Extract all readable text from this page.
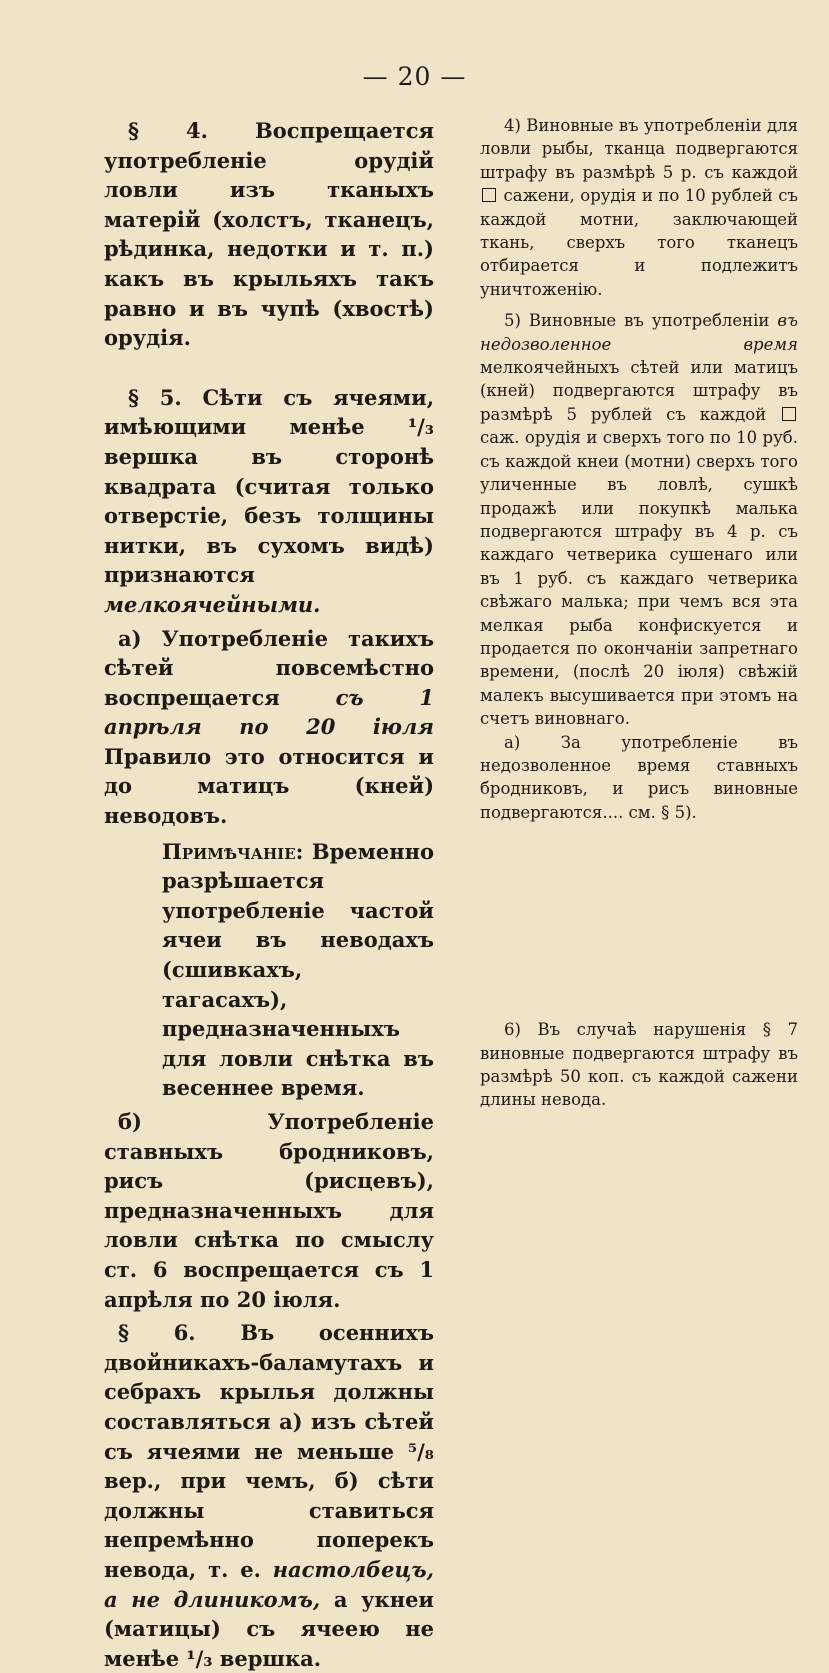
— 20 —

§ 4. Воспрещается употребленіе орудій ловли изъ тканыхъ матерій (холстъ, тканецъ, рѣдинка, недотки и т. п.) какъ въ крыльяхъ такъ равно и въ чупѣ (хвостѣ) орудія.

§ 5. Сѣти съ ячеями, имѣющими менѣе ¹/₃ вершка въ сторонѣ квадрата (считая только отверстіе, безъ толщины нитки, въ сухомъ видѣ) признаются мелкоячейными.

а) Употребленіе такихъ сѣтей повсемѣстно воспрещается	съ 1 апрѣля по 20 іюля Правило это относится и до матицъ (кней) неводовъ.

Примѣчаніе: Временно разрѣшается употребленіе частой ячеи въ неводахъ (сшивкахъ, тагасахъ), предназначенныхъ для ловли снѣтка въ весеннее время.

б) Употребленіе ставныхъ бродниковъ, рисъ (рисцевъ), предназначенныхъ для ловли снѣтка по смыслу ст. 6 воспрещается съ 1 апрѣля по 20 іюля.

§ 6. Въ осеннихъ двойникахъ-баламутахъ и себрахъ крылья должны составляться а) изъ сѣтей съ ячеями не меньше ⁵/₈ вер., при чемъ, б) сѣти должны ставиться непремѣнно поперекъ невода, т. е. настолбецъ, а не длиникомъ, а укнеи (матицы) съ ячеею не менѣе ¹/₃ вершка.

4) Виновные въ употребленіи для ловли рыбы, тканца подвергаются штрафу въ размѣрѣ 5 р. съ каждой  сажени, орудія и по 10 рублей съ каждой мотни, заключающей ткань, сверхъ того тканецъ отбирается и подлежитъ уничтоженію.

5) Виновные въ употребленіи въ недозволенное время мелкоячейныхъ сѣтей или матицъ (кней) подвергаются штрафу въ размѣрѣ 5 рублей съ каждой  саж. орудія и сверхъ того по 10 руб. съ каждой кнеи (мотни) сверхъ того уличенные въ ловлѣ, сушкѣ продажѣ или покупкѣ малька подвергаются штрафу въ 4 р. съ каждаго четверика сушенаго или въ 1 руб. съ каждаго четверика свѣжаго малька; при чемъ вся эта мелкая рыба конфискуется и продается по окончаніи запретнаго времени, (послѣ 20 іюля) свѣжій малекъ высушивается при этомъ на счетъ виновнаго.

а) За употребленіе въ недозволенное время ставныхъ бродниковъ, и рисъ виновные подвергаются.... см. § 5).

6) Въ случаѣ нарушенія § 7 виновные подвергаются штрафу въ размѣрѣ 50 коп. съ каждой сажени длины невода.
